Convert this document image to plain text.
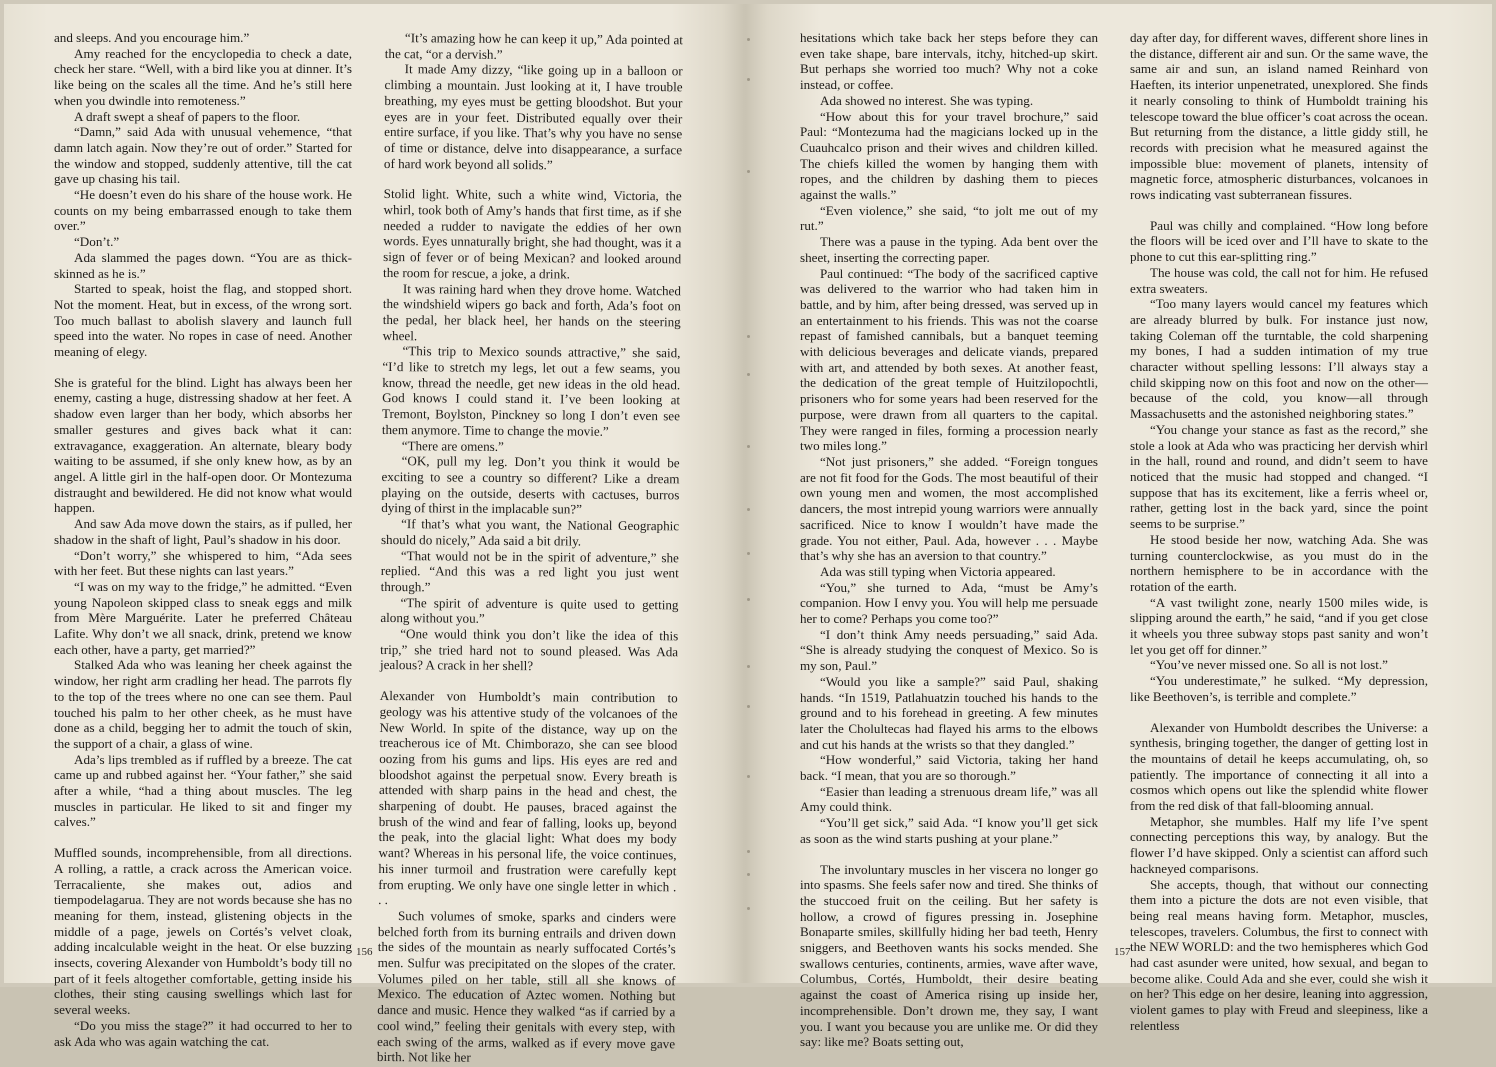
and sleeps. And you encourage him.”

Amy reached for the encyclopedia to check a date, check her stare. “Well, with a bird like you at dinner. It’s like being on the scales all the time. And he’s still here when you dwindle into remoteness.”

A draft swept a sheaf of papers to the floor.

“Damn,” said Ada with unusual vehemence, “that damn latch again. Now they’re out of order.” Started for the window and stopped, suddenly attentive, till the cat gave up chasing his tail.

“He doesn’t even do his share of the house work. He counts on my being embarrassed enough to take them over.”

“Don’t.”

Ada slammed the pages down. “You are as thick-skinned as he is.”

Started to speak, hoist the flag, and stopped short. Not the moment. Heat, but in excess, of the wrong sort. Too much ballast to abolish slavery and launch full speed into the water. No ropes in case of need. Another meaning of elegy.

She is grateful for the blind. Light has always been her enemy, casting a huge, distressing shadow at her feet. A shadow even larger than her body, which absorbs her smaller gestures and gives back what it can: extravagance, exaggeration. An alternate, bleary body waiting to be assumed, if she only knew how, as by an angel. A little girl in the half-open door. Or Montezuma distraught and bewildered. He did not know what would happen.

And saw Ada move down the stairs, as if pulled, her shadow in the shaft of light, Paul’s shadow in his door.

“Don’t worry,” she whispered to him, “Ada sees with her feet. But these nights can last years.”

“I was on my way to the fridge,” he admitted. “Even young Napoleon skipped class to sneak eggs and milk from Mère Marguérite. Later he preferred Château Lafite. Why don’t we all snack, drink, pretend we know each other, have a party, get married?”

Stalked Ada who was leaning her cheek against the window, her right arm cradling her head. The parrots fly to the top of the trees where no one can see them. Paul touched his palm to her other cheek, as he must have done as a child, begging her to admit the touch of skin, the support of a chair, a glass of wine.

Ada’s lips trembled as if ruffled by a breeze. The cat came up and rubbed against her. “Your father,” she said after a while, “had a thing about muscles. The leg muscles in particular. He liked to sit and finger my calves.”

Muffled sounds, incomprehensible, from all directions. A rolling, a rattle, a crack across the American voice. Terracaliente, she makes out, adios and tiempodelagarua. They are not words because she has no meaning for them, instead, glistening objects in the middle of a page, jewels on Cortés’s velvet cloak, adding incalculable weight in the heat. Or else buzzing insects, covering Alexander von Humboldt’s body till no part of it feels altogether comfortable, getting inside his clothes, their sting causing swellings which last for several weeks.

“Do you miss the stage?” it had occurred to her to ask Ada who was again watching the cat.

“It’s amazing how he can keep it up,” Ada pointed at the cat, “or a dervish.”

It made Amy dizzy, “like going up in a balloon or climbing a mountain. Just looking at it, I have trouble breathing, my eyes must be getting bloodshot. But your eyes are in your feet. Distributed equally over their entire surface, if you like. That’s why you have no sense of time or distance, delve into disappearance, a surface of hard work beyond all solids.”

Stolid light. White, such a white wind, Victoria, the whirl, took both of Amy’s hands that first time, as if she needed a rudder to navigate the eddies of her own words. Eyes unnaturally bright, she had thought, was it a sign of fever or of being Mexican? and looked around the room for rescue, a joke, a drink.

It was raining hard when they drove home. Watched the windshield wipers go back and forth, Ada’s foot on the pedal, her black heel, her hands on the steering wheel.

“This trip to Mexico sounds attractive,” she said, “I’d like to stretch my legs, let out a few seams, you know, thread the needle, get new ideas in the old head. God knows I could stand it. I’ve been looking at Tremont, Boylston, Pinckney so long I don’t even see them anymore. Time to change the movie.”

“There are omens.”

“OK, pull my leg. Don’t you think it would be exciting to see a country so different? Like a dream playing on the outside, deserts with cactuses, burros dying of thirst in the implacable sun?”

“If that’s what you want, the National Geographic should do nicely,” Ada said a bit drily.

“That would not be in the spirit of adventure,” she replied. “And this was a red light you just went through.”

“The spirit of adventure is quite used to getting along without you.”

“One would think you don’t like the idea of this trip,” she tried hard not to sound pleased. Was Ada jealous? A crack in her shell?

Alexander von Humboldt’s main contribution to geology was his attentive study of the volcanoes of the New World. In spite of the distance, way up on the treacherous ice of Mt. Chimborazo, she can see blood oozing from his gums and lips. His eyes are red and bloodshot against the perpetual snow. Every breath is attended with sharp pains in the head and chest, the sharpening of doubt. He pauses, braced against the brush of the wind and fear of falling, looks up, beyond the peak, into the glacial light: What does my body want? Whereas in his personal life, the voice continues, his inner turmoil and frustration were carefully kept from erupting. We only have one single letter in which . . .

Such volumes of smoke, sparks and cinders were belched forth from its burning entrails and driven down the sides of the mountain as nearly suffocated Cortés’s men. Sulfur was precipitated on the slopes of the crater. Volumes piled on her table, still all she knows of Mexico. The education of Aztec women. Nothing but dance and music. Hence they walked “as if carried by a cool wind,” feeling their genitals with every step, with each swing of the arms, walked as if every move gave birth. Not like her

hesitations which take back her steps before they can even take shape, bare intervals, itchy, hitched-up skirt. But perhaps she worried too much? Why not a coke instead, or coffee.

Ada showed no interest. She was typing.

“How about this for your travel brochure,” said Paul: “Montezuma had the magicians locked up in the Cuauhcalco prison and their wives and children killed. The chiefs killed the women by hanging them with ropes, and the children by dashing them to pieces against the walls.”

“Even violence,” she said, “to jolt me out of my rut.”

There was a pause in the typing. Ada bent over the sheet, inserting the correcting paper.

Paul continued: “The body of the sacrificed captive was delivered to the warrior who had taken him in battle, and by him, after being dressed, was served up in an entertainment to his friends. This was not the coarse repast of famished cannibals, but a banquet teeming with delicious beverages and delicate viands, prepared with art, and attended by both sexes. At another feast, the dedication of the great temple of Huitzilopochtli, prisoners who for some years had been reserved for the purpose, were drawn from all quarters to the capital. They were ranged in files, forming a procession nearly two miles long.”

“Not just prisoners,” she added. “Foreign tongues are not fit food for the Gods. The most beautiful of their own young men and women, the most accomplished dancers, the most intrepid young warriors were annually sacrificed. Nice to know I wouldn’t have made the grade. You not either, Paul. Ada, however . . . Maybe that’s why she has an aversion to that country.”

Ada was still typing when Victoria appeared.

“You,” she turned to Ada, “must be Amy’s companion. How I envy you. You will help me persuade her to come? Perhaps you come too?”

“I don’t think Amy needs persuading,” said Ada. “She is already studying the conquest of Mexico. So is my son, Paul.”

“Would you like a sample?” said Paul, shaking hands. “In 1519, Patlahuatzin touched his hands to the ground and to his forehead in greeting. A few minutes later the Cholultecas had flayed his arms to the elbows and cut his hands at the wrists so that they dangled.”

“How wonderful,” said Victoria, taking her hand back. “I mean, that you are so thorough.”

“Easier than leading a strenuous dream life,” was all Amy could think.

“You’ll get sick,” said Ada. “I know you’ll get sick as soon as the wind starts pushing at your plane.”

The involuntary muscles in her viscera no longer go into spasms. She feels safer now and tired. She thinks of the stuccoed fruit on the ceiling. But her safety is hollow, a crowd of figures pressing in. Josephine Bonaparte smiles, skillfully hiding her bad teeth, Henry sniggers, and Beethoven wants his socks mended. She swallows centuries, continents, armies, wave after wave, Columbus, Cortés, Humboldt, their desire beating against the coast of America rising up inside her, incomprehensible. Don’t drown me, they say, I want you. I want you because you are unlike me. Or did they say: like me? Boats setting out,

day after day, for different waves, different shore lines in the distance, different air and sun. Or the same wave, the same air and sun, an island named Reinhard von Haeften, its interior unpenetrated, unexplored. She finds it nearly consoling to think of Humboldt training his telescope toward the blue officer’s coat across the ocean. But returning from the distance, a little giddy still, he records with precision what he measured against the impossible blue: movement of planets, intensity of magnetic force, atmospheric disturbances, volcanoes in rows indicating vast subterranean fissures.

Paul was chilly and complained. “How long before the floors will be iced over and I’ll have to skate to the phone to cut this ear-splitting ring.”

The house was cold, the call not for him. He refused extra sweaters.

“Too many layers would cancel my features which are already blurred by bulk. For instance just now, taking Coleman off the turntable, the cold sharpening my bones, I had a sudden intimation of my true character without spelling lessons: I’ll always stay a child skipping now on this foot and now on the other—because of the cold, you know—all through Massachusetts and the astonished neighboring states.”

“You change your stance as fast as the record,” she stole a look at Ada who was practicing her dervish whirl in the hall, round and round, and didn’t seem to have noticed that the music had stopped and changed. “I suppose that has its excitement, like a ferris wheel or, rather, getting lost in the back yard, since the point seems to be surprise.”

He stood beside her now, watching Ada. She was turning counterclockwise, as you must do in the northern hemisphere to be in accordance with the rotation of the earth.

“A vast twilight zone, nearly 1500 miles wide, is slipping around the earth,” he said, “and if you get close it wheels you three subway stops past sanity and won’t let you get off for dinner.”

“You’ve never missed one. So all is not lost.”

“You underestimate,” he sulked. “My depression, like Beethoven’s, is terrible and complete.”

Alexander von Humboldt describes the Universe: a synthesis, bringing together, the danger of getting lost in the mountains of detail he keeps accumulating, oh, so patiently. The importance of connecting it all into a cosmos which opens out like the splendid white flower from the red disk of that fall-blooming annual.

Metaphor, she mumbles. Half my life I’ve spent connecting perceptions this way, by analogy. But the flower I’d have skipped. Only a scientist can afford such hackneyed comparisons.

She accepts, though, that without our connecting them into a picture the dots are not even visible, that being real means having form. Metaphor, muscles, telescopes, travelers. Columbus, the first to connect with the NEW WORLD: and the two hemispheres which God had cast asunder were united, how sexual, and began to become alike. Could Ada and she ever, could she wish it on her? This edge on her desire, leaning into aggression, violent games to play with Freud and sleepiness, like a relentless

156	157
